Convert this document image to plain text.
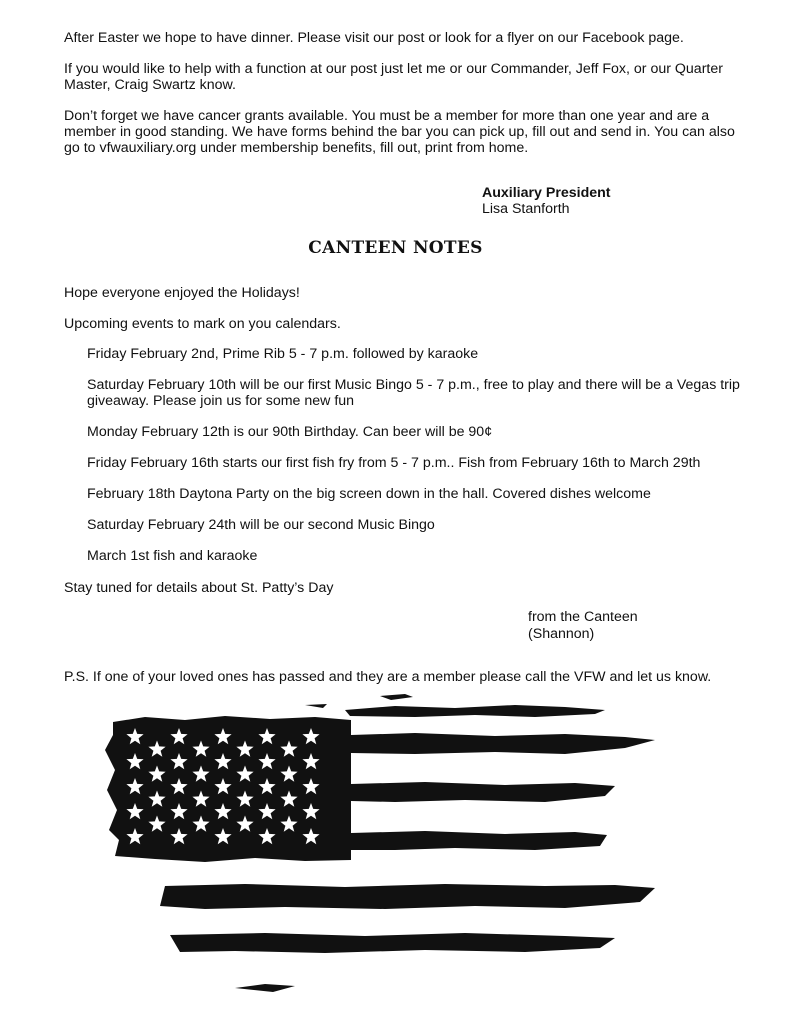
After Easter we hope to have dinner. Please visit our post or look for a flyer on our Facebook page.

If you would like to help with a function at our post just let me or our Commander, Jeff Fox, or our Quarter Master, Craig Swartz know.

Don’t forget we have cancer grants available. You must be a member for more than one year and are a member in good standing. We have forms behind the bar you can pick up, fill out and send in. You can also go to vfwauxiliary.org under membership benefits, fill out, print from home.

Auxiliary President
Lisa Stanforth
CANTEEN NOTES

Hope everyone enjoyed the Holidays!

Upcoming events to mark on you calendars.

Friday February 2nd, Prime Rib 5 - 7 p.m. followed by karaoke

Saturday February 10th will be our first Music Bingo 5 - 7 p.m., free to play and there will be a Vegas trip giveaway. Please join us for some new fun

Monday February 12th is our 90th Birthday. Can beer will be 90¢

Friday February 16th starts our first fish fry from 5 - 7 p.m.. Fish from February 16th to March 29th

February 18th Daytona Party on the big screen down in the hall. Covered dishes welcome

Saturday February 24th will be our second Music Bingo

March 1st fish and karaoke

Stay tuned for details about St. Patty’s Day

from the Canteen
(Shannon)

P.S. If one of your loved ones has passed and they are a member please call the VFW and let us know.
